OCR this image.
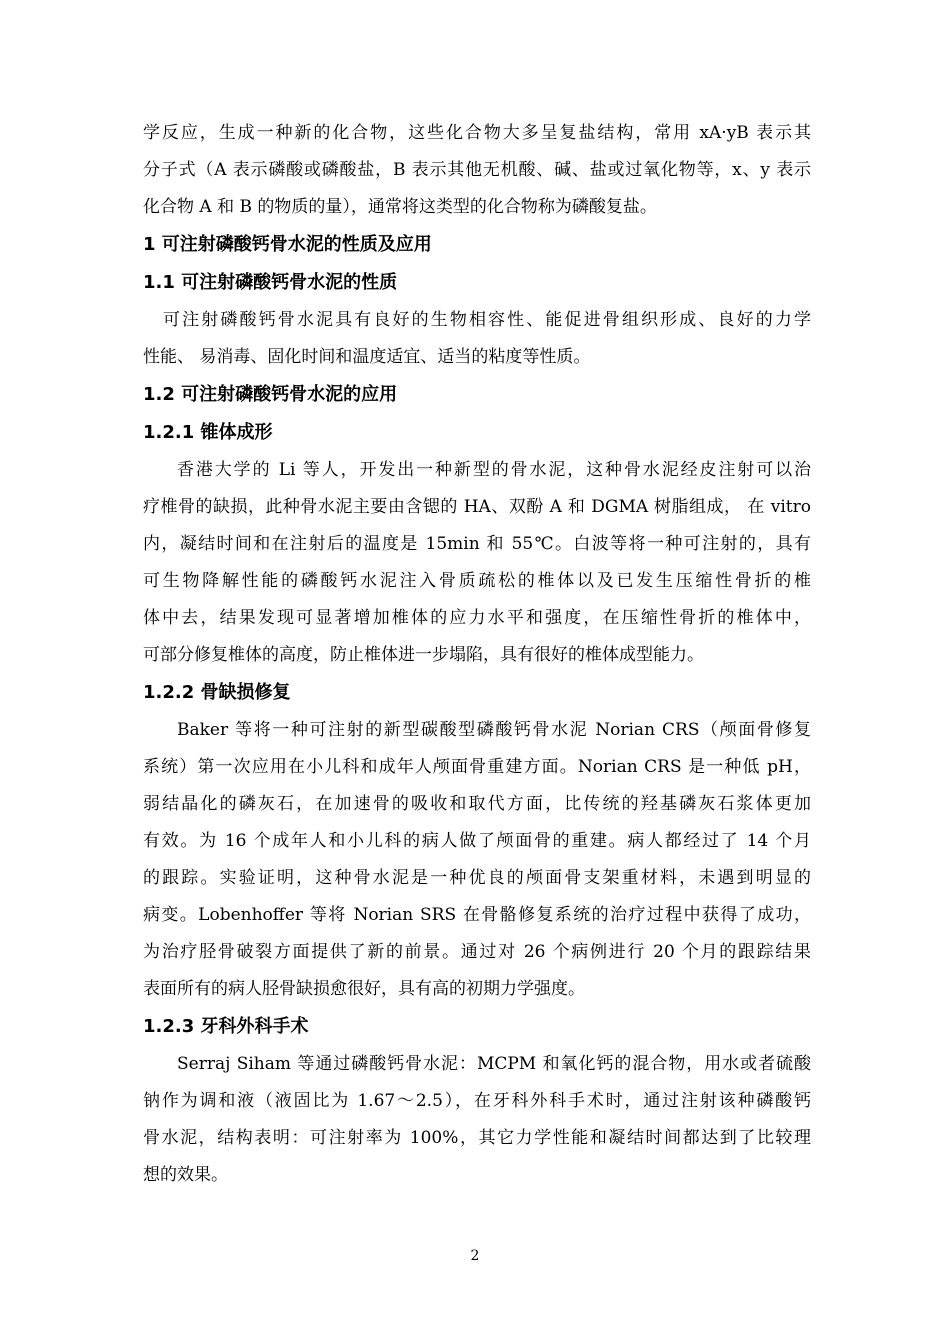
学反应，生成一种新的化合物，这些化合物大多呈复盐结构，常用 xA·yB 表示其
分子式（A 表示磷酸或磷酸盐，B 表示其他无机酸、碱、盐或过氧化物等，x、y 表示
化合物 A 和 B 的物质的量），通常将这类型的化合物称为磷酸复盐。
1 可注射磷酸钙骨水泥的性质及应用
1.1 可注射磷酸钙骨水泥的性质
可注射磷酸钙骨水泥具有良好的生物相容性、能促进骨组织形成、良好的力学
性能、 易消毒、固化时间和温度适宜、适当的粘度等性质。
1.2 可注射磷酸钙骨水泥的应用
1.2.1 锥体成形
香港大学的 Li 等人，开发出一种新型的骨水泥，这种骨水泥经皮注射可以治
疗椎骨的缺损，此种骨水泥主要由含锶的 HA、双酚 A 和 DGMA 树脂组成， 在 vitro
内，凝结时间和在注射后的温度是 15min 和 55℃。白波等将一种可注射的，具有
可生物降解性能的磷酸钙水泥注入骨质疏松的椎体以及已发生压缩性骨折的椎
体中去，结果发现可显著增加椎体的应力水平和强度，在压缩性骨折的椎体中，
可部分修复椎体的高度，防止椎体进一步塌陷，具有很好的椎体成型能力。
1.2.2 骨缺损修复
Baker 等将一种可注射的新型碳酸型磷酸钙骨水泥 Norian CRS（颅面骨修复
系统）第一次应用在小儿科和成年人颅面骨重建方面。Norian CRS 是一种低 pH，
弱结晶化的磷灰石，在加速骨的吸收和取代方面，比传统的羟基磷灰石浆体更加
有效。为 16 个成年人和小儿科的病人做了颅面骨的重建。病人都经过了 14 个月
的跟踪。实验证明，这种骨水泥是一种优良的颅面骨支架重材料，未遇到明显的
病变。Lobenhoffer 等将 Norian SRS 在骨骼修复系统的治疗过程中获得了成功，
为治疗胫骨破裂方面提供了新的前景。通过对 26 个病例进行 20 个月的跟踪结果
表面所有的病人胫骨缺损愈很好，具有高的初期力学强度。
1.2.3 牙科外科手术
Serraj Siham 等通过磷酸钙骨水泥：MCPM 和氧化钙的混合物，用水或者硫酸
钠作为调和液（液固比为 1.67～2.5），在牙科外科手术时，通过注射该种磷酸钙
骨水泥，结构表明：可注射率为 100%，其它力学性能和凝结时间都达到了比较理
想的效果。
2
